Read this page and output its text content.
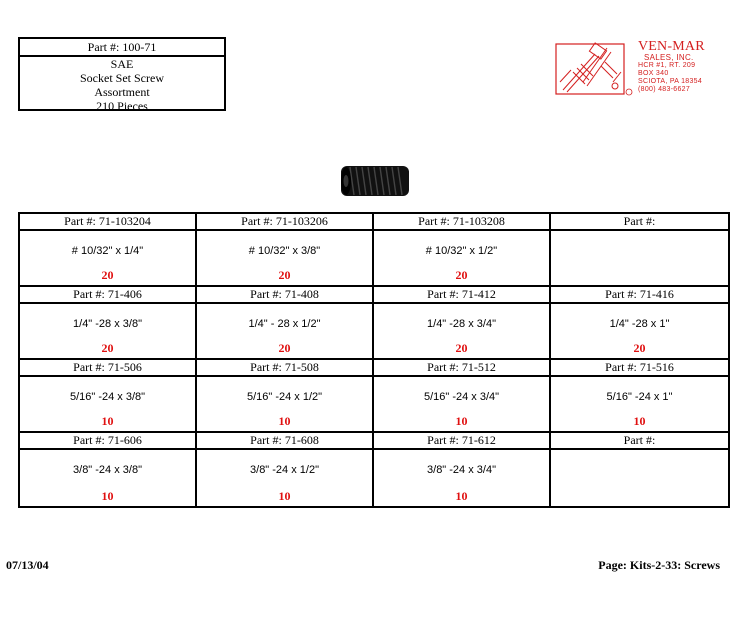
Part #: 100-71
SAE
Socket Set Screw
Assortment
210 Pieces
VEN-MAR
SALES, INC.
HCR #1, RT. 209
BOX 340
SCIOTA, PA 18354
(800) 483-6627
Part #: 71-103204
# 10/32" x 1/4"
20
Part #: 71-103206
# 10/32" x 3/8"
20
Part #: 71-103208
# 10/32" x 1/2"
20
Part #:
Part #: 71-406
1/4" -28 x 3/8"
20
Part #: 71-408
1/4" - 28 x 1/2"
20
Part #: 71-412
1/4" -28 x 3/4"
20
Part #: 71-416
1/4" -28 x 1"
20
Part #: 71-506
5/16" -24 x 3/8"
10
Part #: 71-508
5/16" -24 x 1/2"
10
Part #: 71-512
5/16" -24 x 3/4"
10
Part #: 71-516
5/16" -24 x 1"
10
Part #: 71-606
3/8" -24 x 3/8"
10
Part #: 71-608
3/8" -24 x 1/2"
10
Part #: 71-612
3/8" -24 x 3/4"
10
Part #:
07/13/04	Page: Kits-2-33: Screws
